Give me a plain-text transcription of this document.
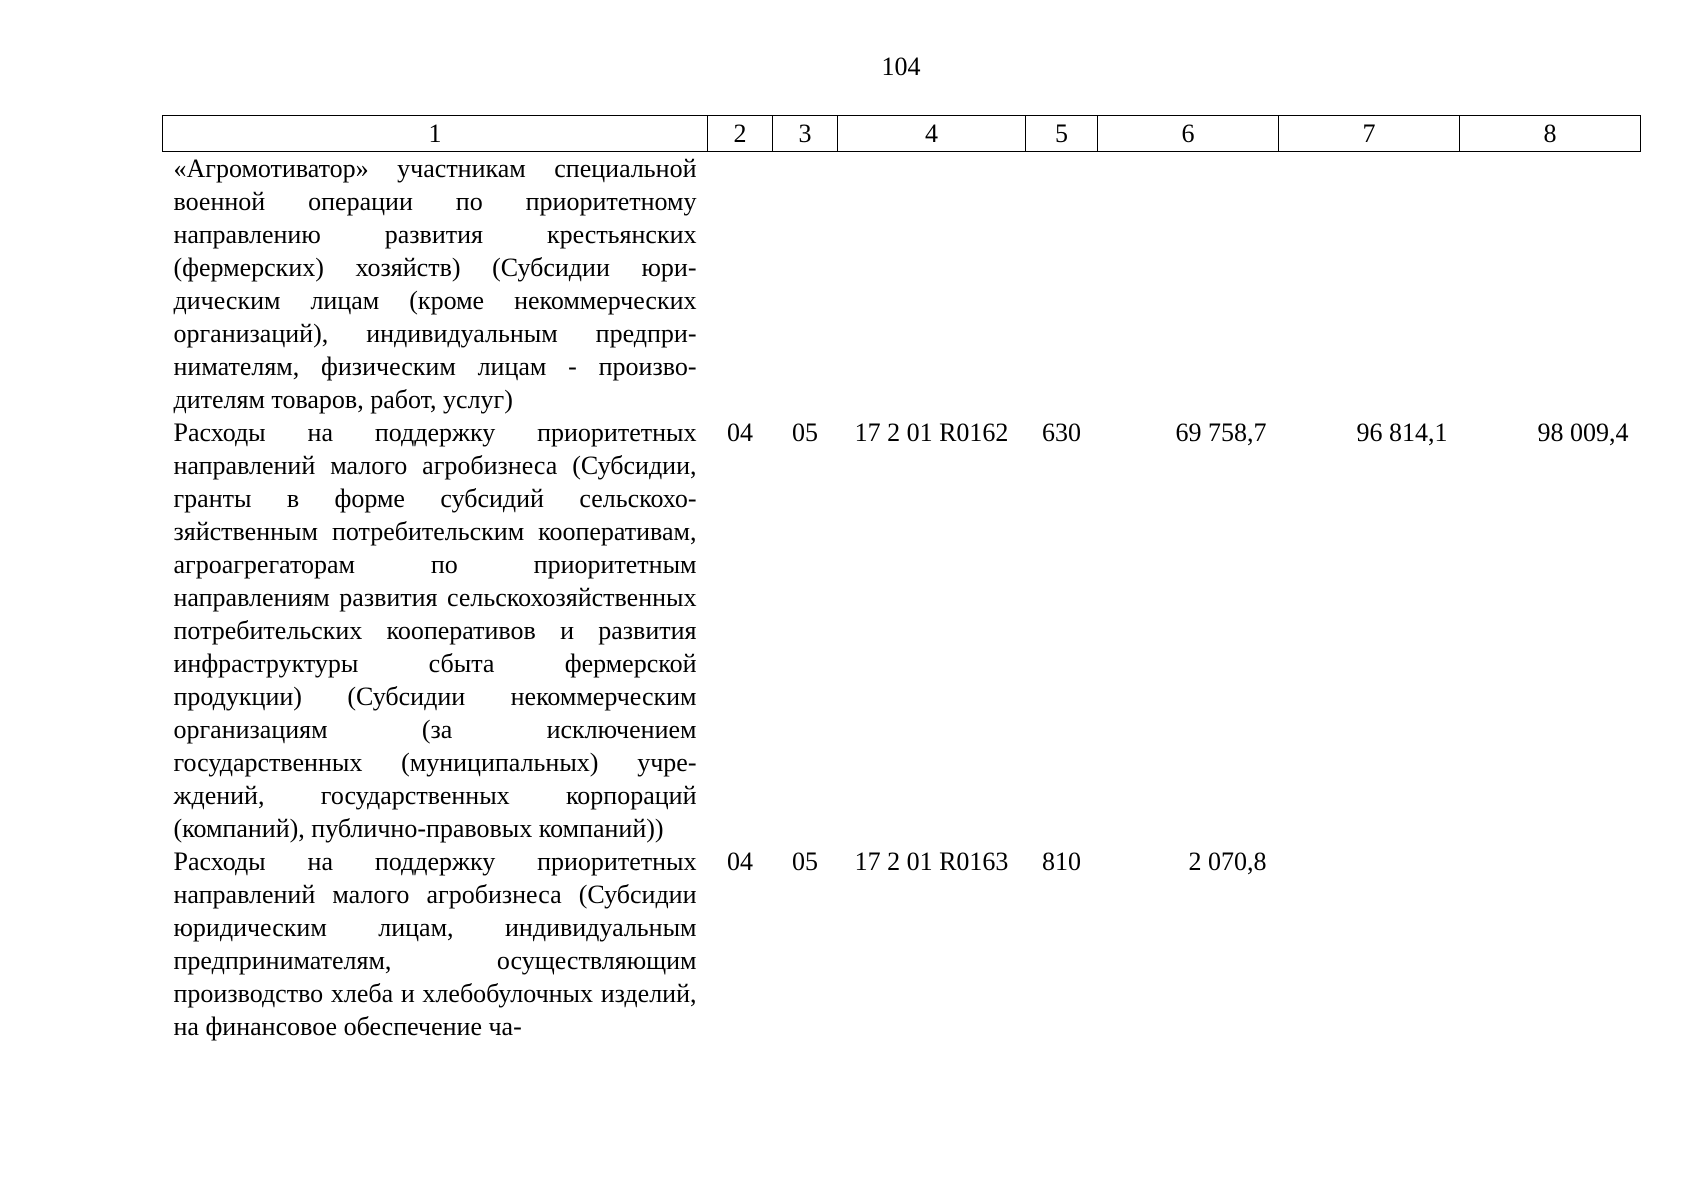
104
1	2	3	4	5	6	7	8
«Агромотиватор» участникам специальной военной операции по приоритетному направлению развития крестьянских (фермерских) хозяйств) (Субсидии юридическим лицам (кроме некоммерческих организаций), индивидуальным предпринимателям, физическим лицам - производителям товаров, работ, услуг)							
Расходы на поддержку приоритетных направлений малого агробизнеса (Субсидии, гранты в форме субсидий сельскохозяйственным потребительским кооперативам, агроагрегаторам по приоритетным направлениям развития сельскохозяйственных потребительских кооперативов и развития инфраструктуры сбыта фермерской продукции) (Субсидии некоммерческим организациям (за исключением государственных (муниципальных) учреждений, государственных корпораций (компаний), публично-правовых компаний))	04	05	17 2 01 R0162	630	69 758,7	96 814,1	98 009,4
Расходы на поддержку приоритетных направлений малого агробизнеса (Субсидии юридическим лицам, индивидуальным предпринимателям, осуществляющим производство хлеба и хлебобулочных изделий, на финансовое обеспечение ча-	04	05	17 2 01 R0163	810	2 070,8		
